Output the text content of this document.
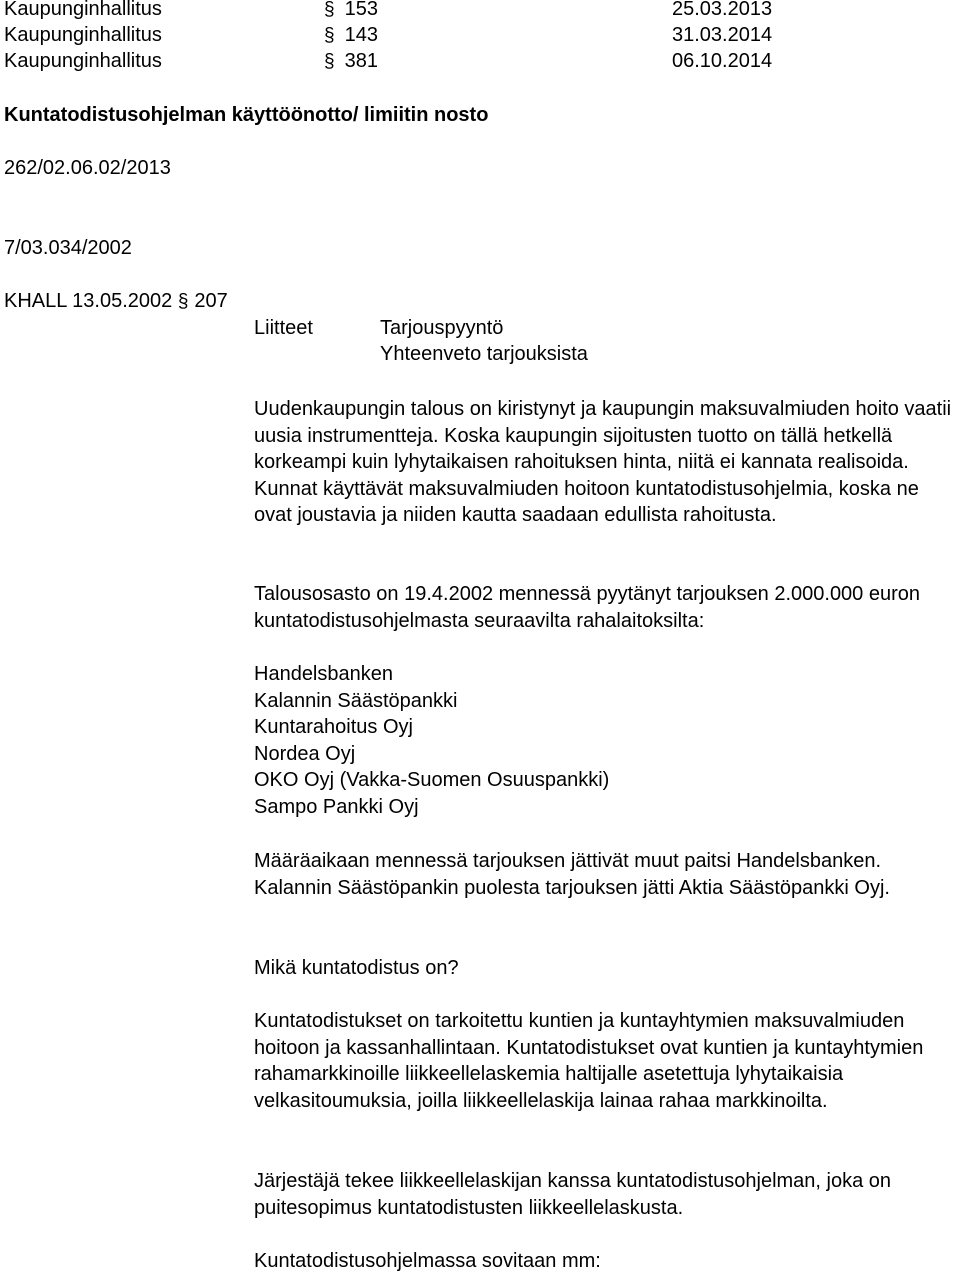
Kaupunginhallitus	§ 153	25.03.2013
Kaupunginhallitus	§ 143	31.03.2014
Kaupunginhallitus	§ 381	06.10.2014
Kuntatodistusohjelman käyttöönotto/ limiitin nosto
262/02.06.02/2013
7/03.034/2002
KHALL 13.05.2002 § 207
Liitteet	Tarjouspyyntö
Yhteenveto tarjouksista

Uudenkaupungin talous on kiristynyt ja kaupungin maksuvalmiuden hoito vaatii uusia instrumentteja. Koska kaupungin sijoitusten tuotto on tällä hetkellä korkeampi kuin lyhytaikaisen rahoituksen hinta, niitä ei kannata realisoida. Kunnat käyttävät maksuvalmiuden hoitoon kuntatodistusohjelmia, koska ne ovat joustavia ja niiden kautta saadaan edullista rahoitusta.

Talousosasto on 19.4.2002 mennessä pyytänyt tarjouksen 2.000.000 euron kuntatodistusohjelmasta seuraavilta rahalaitoksilta:

Handelsbanken
Kalannin Säästöpankki
Kuntarahoitus Oyj
Nordea Oyj
OKO Oyj (Vakka-Suomen Osuuspankki)
Sampo Pankki Oyj

Määräaikaan mennessä tarjouksen jättivät muut paitsi Handelsbanken. Kalannin Säästöpankin puolesta tarjouksen jätti Aktia Säästöpankki Oyj.

Mikä kuntatodistus on?

Kuntatodistukset on tarkoitettu kuntien ja kuntayhtymien maksuvalmiuden hoitoon ja kassanhallintaan. Kuntatodistukset ovat kuntien ja kuntayhtymien rahamarkkinoille liikkeellelaskemia haltijalle asetettuja lyhytaikaisia velkasitoumuksia, joilla liikkeellelaskija lainaa rahaa markkinoilta.

Järjestäjä tekee liikkeellelaskijan kanssa kuntatodistusohjelman, joka on puitesopimus kuntatodistusten liikkeellelaskusta.

Kuntatodistusohjelmassa sovitaan mm:
